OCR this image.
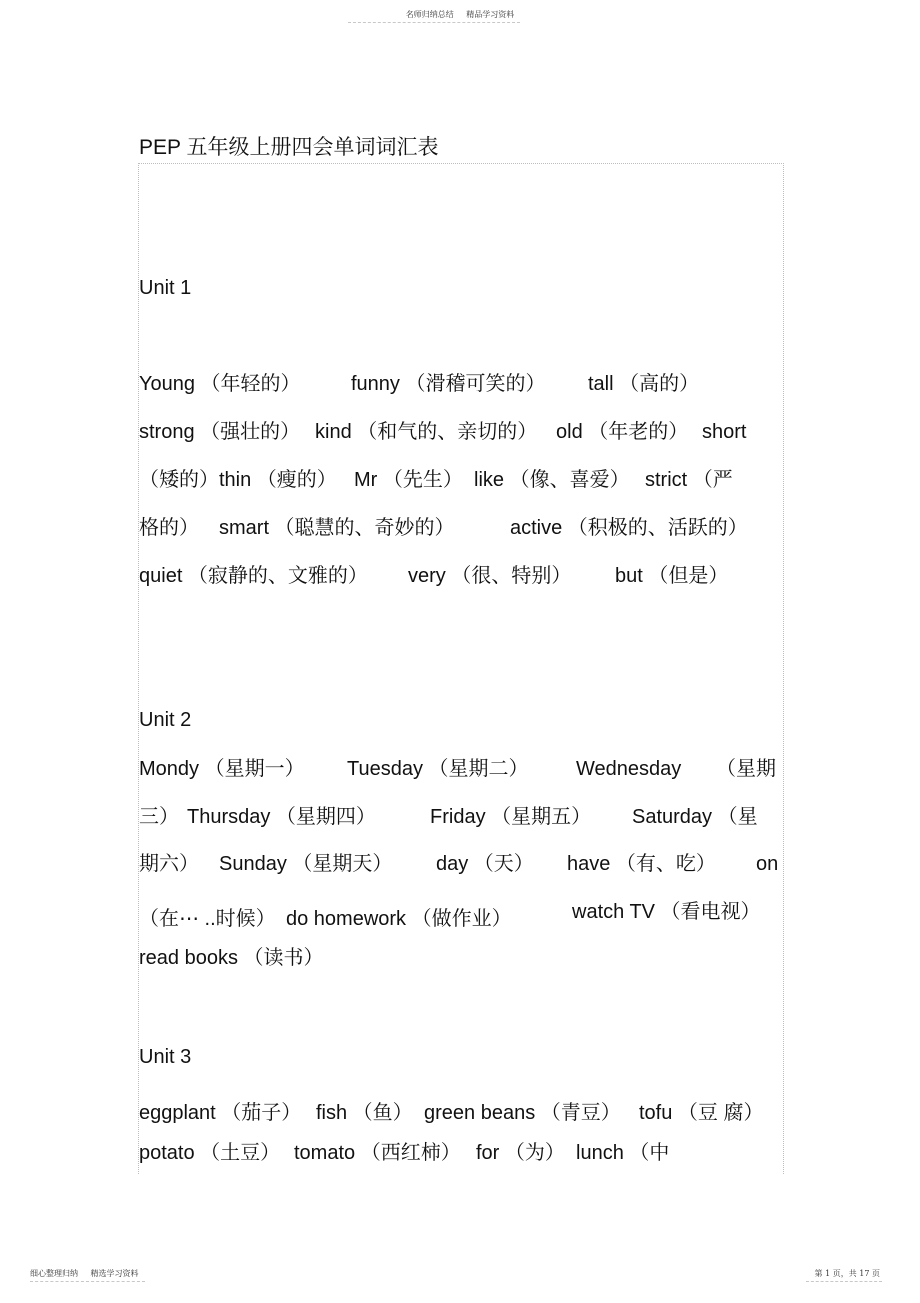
名师归纳总结 精品学习资料
PEP 五年级上册四会单词词汇表
Unit 1
Young （年轻的）	funny （滑稽可笑的） tall （高的）
strong （强壮的） kind （和气的、亲切的） old （年老的） short
（矮的）thin （瘦的） Mr （先生） like （像、喜爱） strict （严
格的） smart （聪慧的、奇妙的）	active （积极的、活跃的）
quiet （寂静的、文雅的） very （很、特别） but （但是）
Unit 2
Mondy （星期一） Tuesday （星期二） Wednesday （星期
三） Thursday （星期四）	Friday （星期五） Saturday （星
期六） Sunday （星期天） day （天） have （有、吃） on
（在⋯ ..时候） do homework （做作业）	watch TV （看电视）
read books （读书）
Unit 3
eggplant （茄子） fish （鱼） green beans （青豆） tofu （豆 腐）
potato （土豆） tomato （西红柿） for （为） lunch （中
细心整理归纳 精选学习资料	第 1 页，共 17 页
